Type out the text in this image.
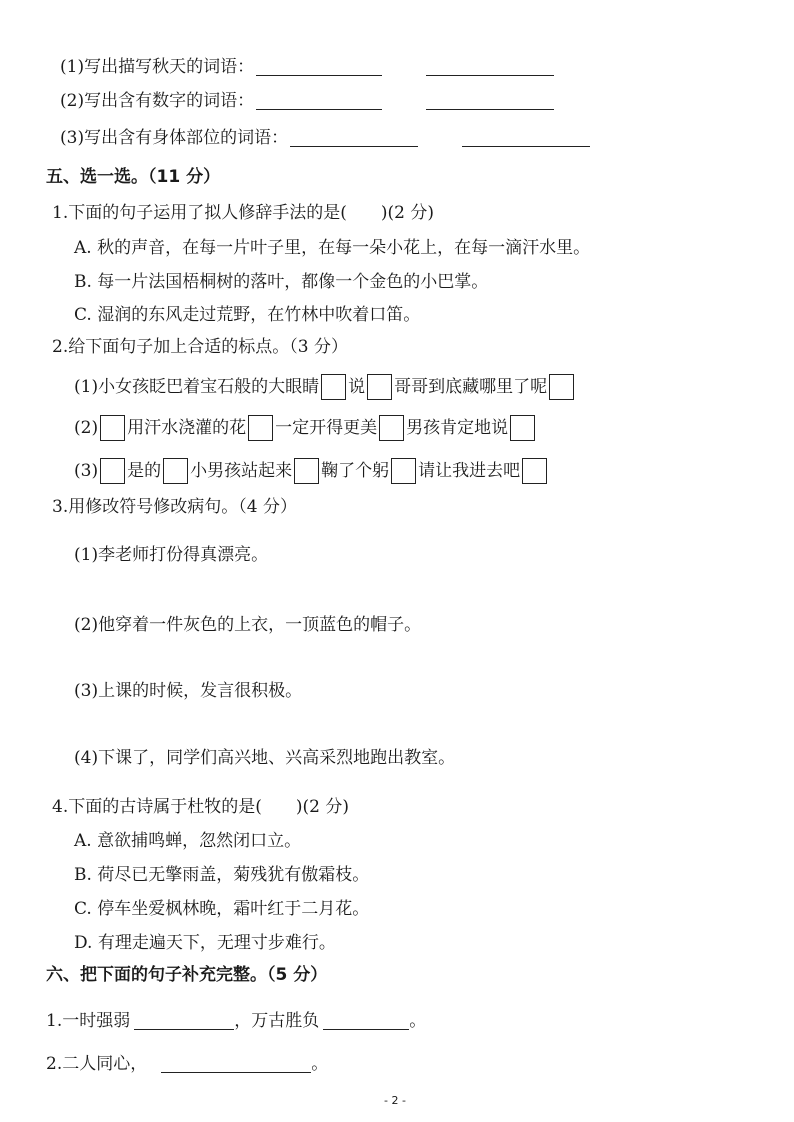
(1)写出描写秋天的词语：
(2)写出含有数字的词语：
(3)写出含有身体部位的词语：
五、选一选。（11 分）
1.下面的句子运用了拟人修辞手法的是( )(2 分)
A. 秋的声音，在每一片叶子里，在每一朵小花上，在每一滴汗水里。
B. 每一片法国梧桐树的落叶，都像一个金色的小巴掌。
C. 湿润的东风走过荒野，在竹林中吹着口笛。
2.给下面句子加上合适的标点。（3 分）
(1)小女孩眨巴着宝石般的大眼睛 说 哥哥到底藏哪里了呢
(2) 用汗水浇灌的花 一定开得更美 男孩肯定地说
(3) 是的 小男孩站起来 鞠了个躬 请让我进去吧
3.用修改符号修改病句。（4 分）
(1)李老师打份得真漂亮。
(2)他穿着一件灰色的上衣，一顶蓝色的帽子。
(3)上课的时候，发言很积极。
(4)下课了，同学们高兴地、兴高采烈地跑出教室。
4.下面的古诗属于杜牧的是( )(2 分)
A. 意欲捕鸣蝉，忽然闭口立。
B. 荷尽已无擎雨盖，菊残犹有傲霜枝。
C. 停车坐爱枫林晚，霜叶红于二月花。
D. 有理走遍天下，无理寸步难行。
六、把下面的句子补充完整。（5 分）
1.一时强弱	，万古胜负	。
2.二人同心，	。
- 2 -
